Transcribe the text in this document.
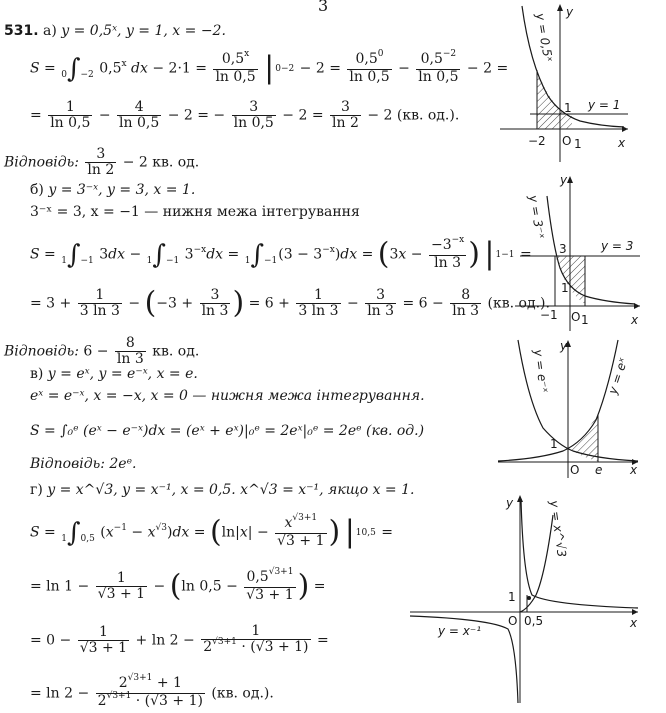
3
531. а) y = 0,5ˣ, y = 1, x = −2.
S = 0∫−2 0,5$^x$ dx − $2\cdot 1 = \frac{0,5^x}{\ln 0,5} |0-2 - 2 = \frac{0,5^0}{\ln 0,5} - \frac{0,5^{-2}}{\ln 0,5} - 2$ =
= $\frac{1}{\ln 0,5} - \frac{4}{\ln 0,5} - 2$ = − $\frac{3}{\ln 0,5} - 2 = \frac{3}{\ln 2} - 2$ (кв. од.).
Відповідь: $\frac{3}{\ln 2} - 2$ кв. од.
б) y = 3⁻ˣ, y = 3, x = 1.
3⁻ˣ = 3, x = −1 — нижня межа інтегрування
S = 1∫−1 3dx − 1∫−1 $3^{-x}dx = 1\int-1(3 - 3^{-x})dx = (3x - \frac{-3^{-x}}{\ln 3}$ ) |1−1 =
= $3 + \frac{1}{3 \ln 3} - (-3 + \frac{3}{\ln 3}$ ) = $6 + \frac{1}{3 \ln 3} - \frac{3}{\ln 3} = 6 - \frac{8}{\ln 3} (кв$. од.).
Відповідь: $6 - \frac{8}{\ln 3}$ кв. од.
в) y = eˣ, y = e⁻ˣ, x = e.
eˣ = e⁻ˣ, x = −x, x = 0 — нижня межа інтегрування.
S = ∫₀ᵉ (eˣ − e⁻ˣ)dx = (eˣ + eˣ)|₀ᵉ = 2eˣ|₀ᵉ = 2eᵉ (кв. од.)
Відповідь: 2eᵉ.
г) y = x^√3, y = x⁻¹, x = 0,5. x^√3 = x⁻¹, якщо x = 1.
S = 1∫0,5 $(x^{-1} - x^{√3})dx = (\ln|x| - \frac{x^{√3+1}}{√3 + 1}$ ) |10,5 =
= $\ln 1 - \frac{1}{√3 + 1} - (\ln$ $0,5 - \frac{0,5^{√3+1}}{√3 + 1}$ ) =
= $0 - \frac{1}{√3 + 1} + \ln 2 - \frac{1}{2^{√3+1} \cdot (√3 + 1)}$ =
= $\ln 2 - \frac{2^{√3+1} + 1}{2^{√3+1} \cdot (√3 + 1)} (кв$. од.).
y
x
y = 0,5ˣ
y = 1
−2 O 1
1
y
x
y = 3⁻ˣ
y = 3
3
1
−1 O 1
y
x
y = e⁻ˣ	y = eˣ
1
O e
y
x
y = x^√3
y = x⁻¹
1
O 0,5
